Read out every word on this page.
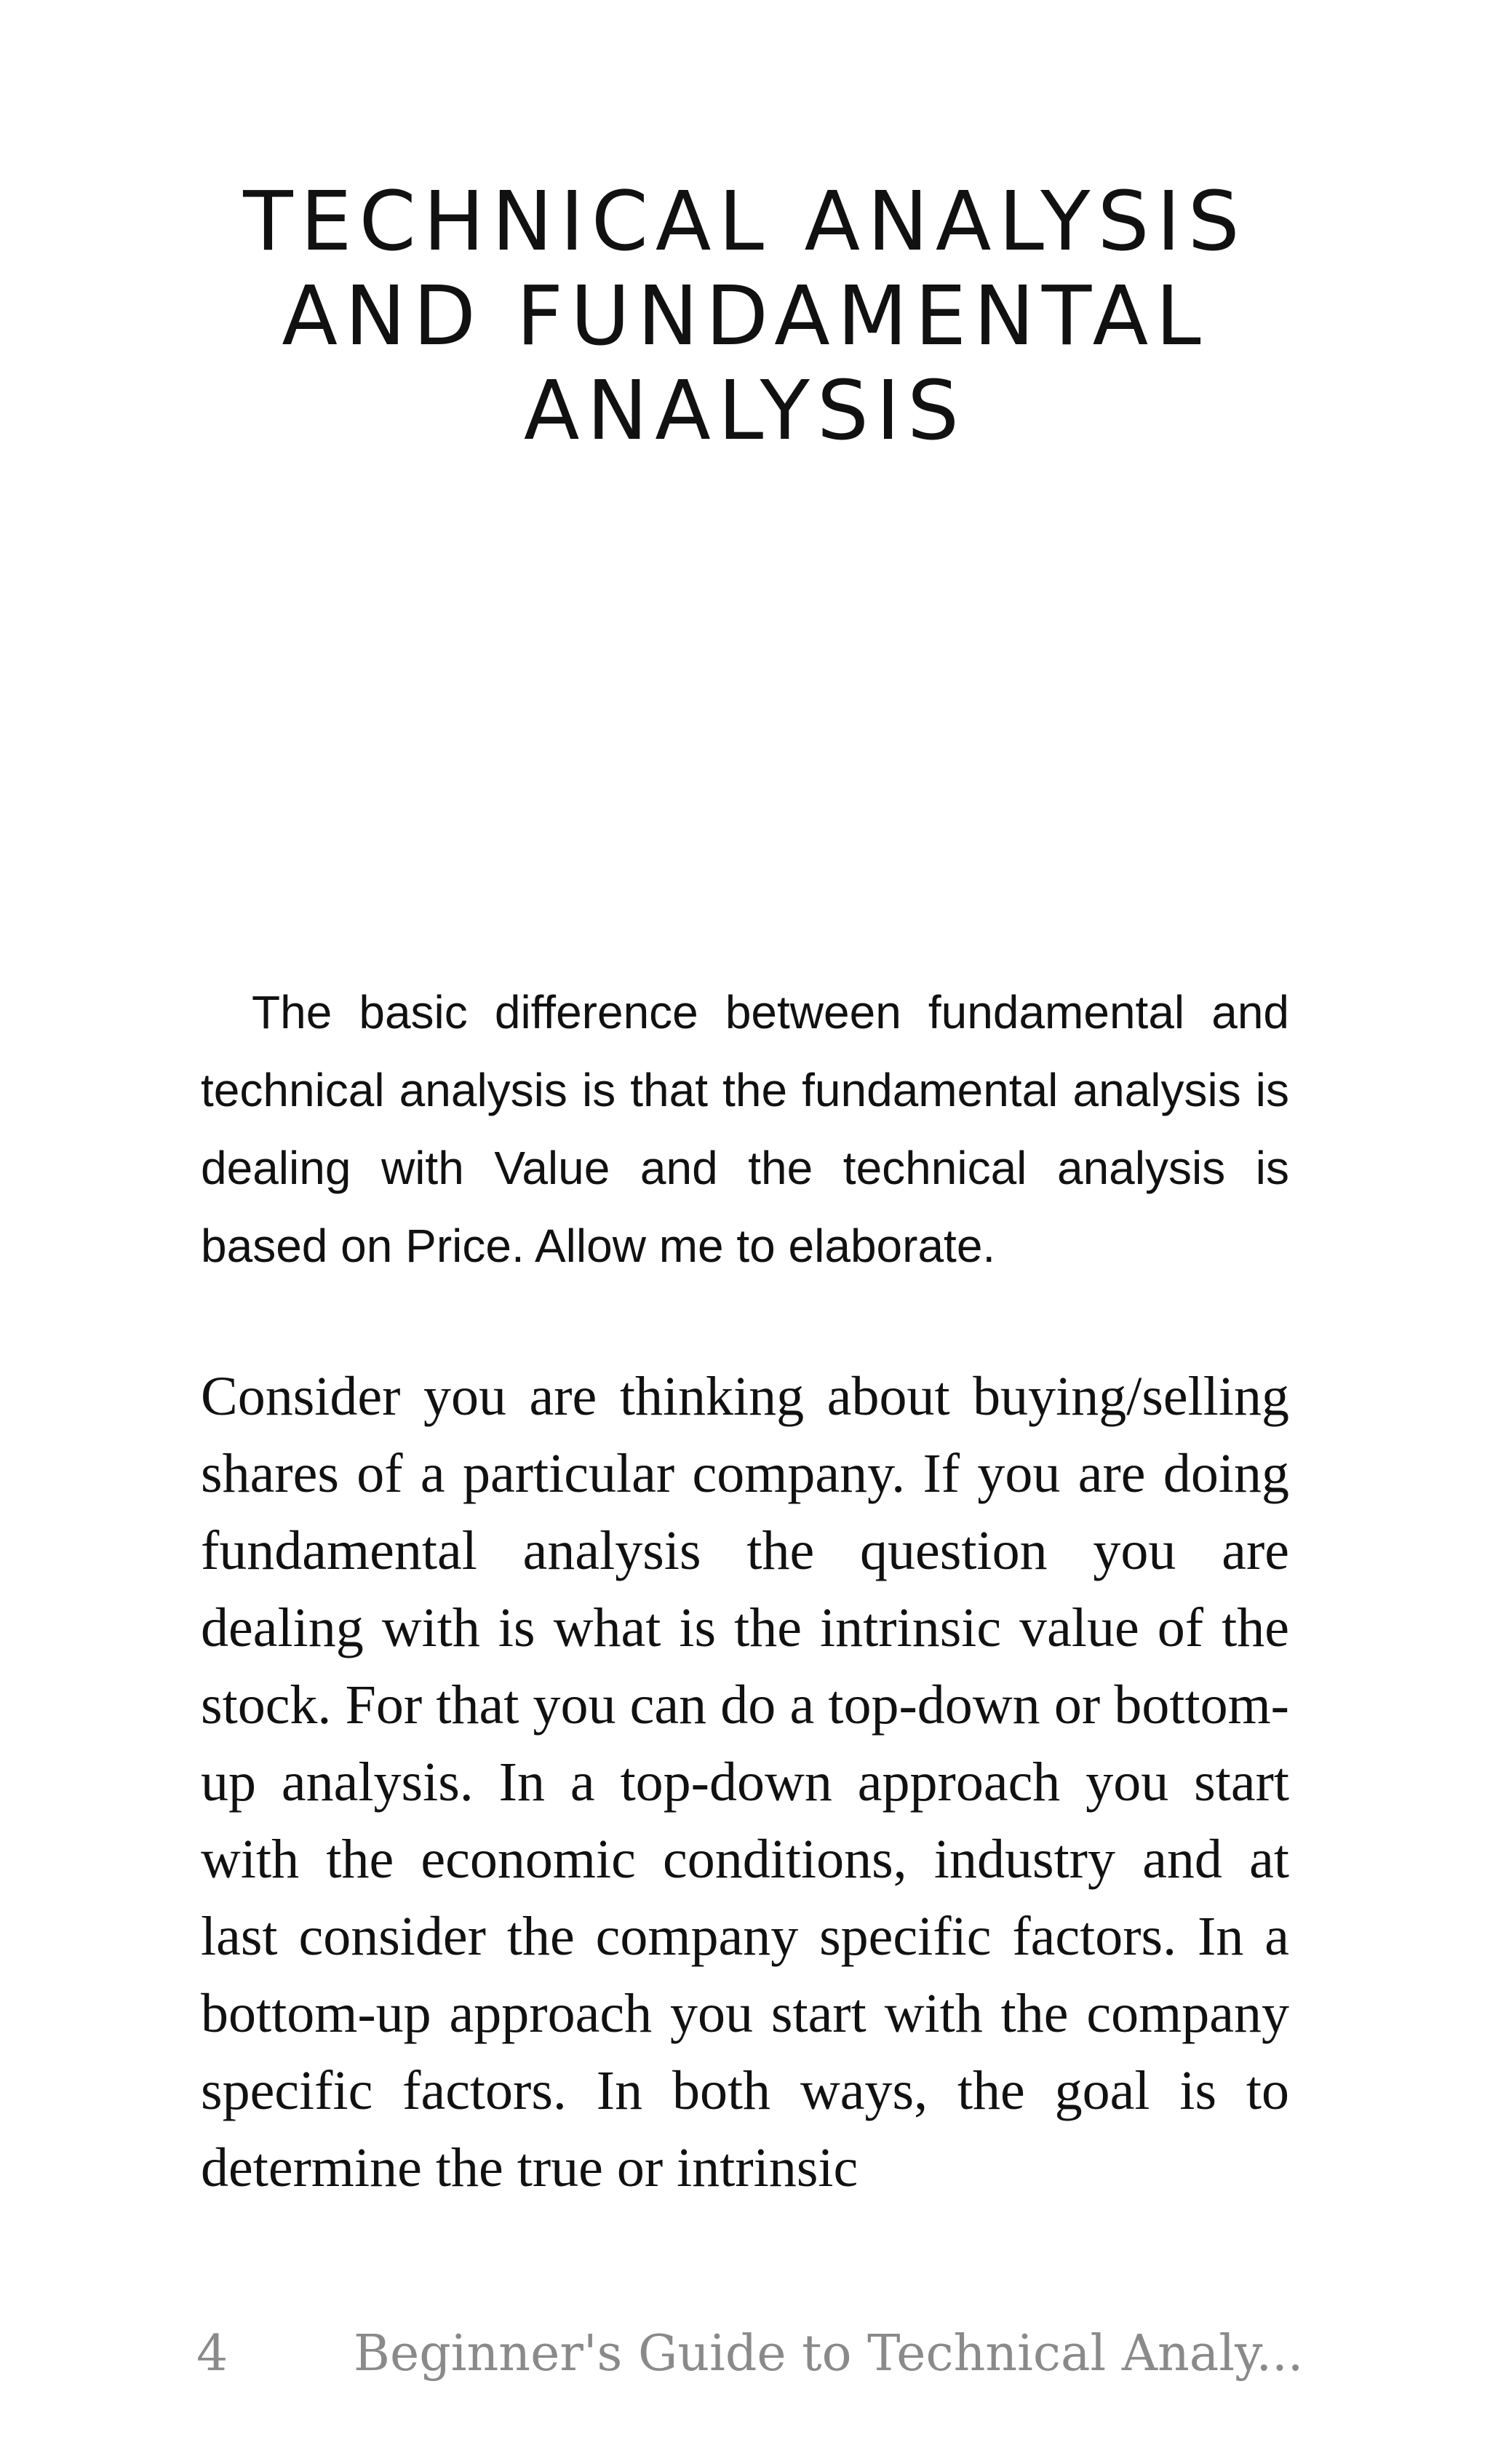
TECHNICAL ANALYSIS
AND FUNDAMENTAL
ANALYSIS

The basic difference between fundamental and technical analysis is that the fundamental analysis is dealing with Value and the technical analysis is based on Price. Allow me to elaborate.

Consider you are thinking about buying/selling shares of a particular company. If you are doing fundamental analysis the question you are dealing with is what is the intrinsic value of the stock. For that you can do a top-down or bottom-up analysis. In a top-down approach you start with the economic conditions, industry and at last consider the company specific factors. In a bottom-up approach you start with the company specific factors. In both ways, the goal is to determine the true or intrinsic

4	Beginner's Guide to Technical Analy...
